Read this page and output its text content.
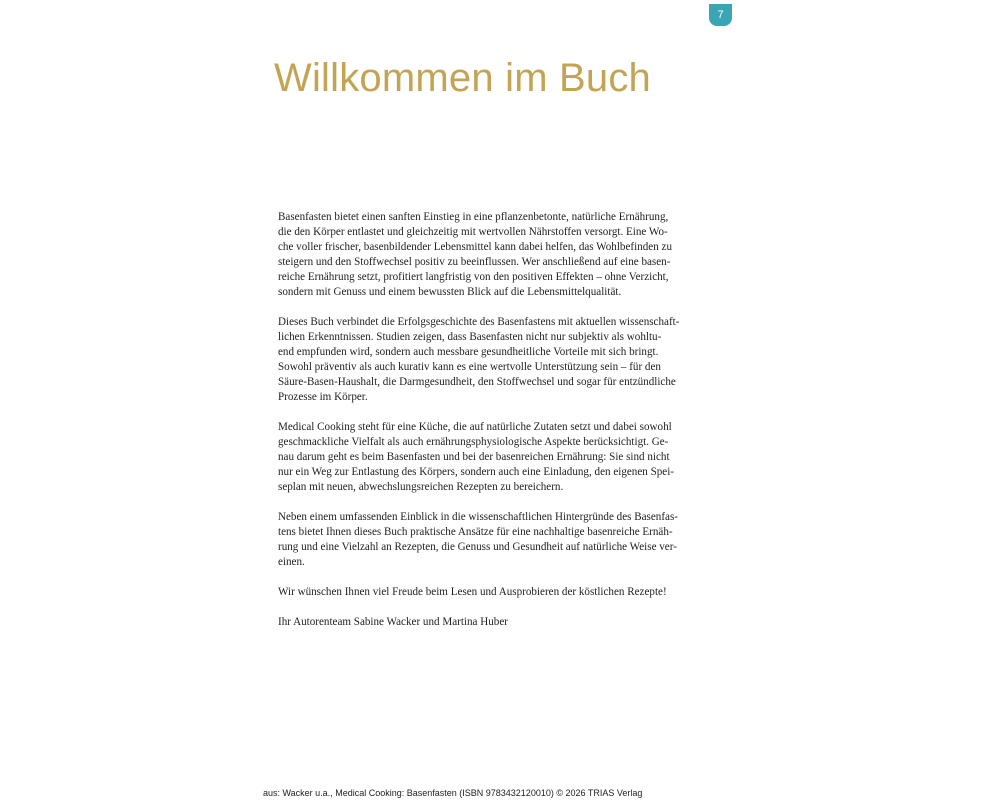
7
Willkommen im Buch

Basenfasten bietet einen sanften Einstieg in eine pflanzenbetonte, natürliche Ernährung,
die den Körper entlastet und gleichzeitig mit wertvollen Nährstoffen versorgt. Eine Wo-
che voller frischer, basenbildender Lebensmittel kann dabei helfen, das Wohlbefinden zu
steigern und den Stoffwechsel positiv zu beeinflussen. Wer anschließend auf eine basen-
reiche Ernährung setzt, profitiert langfristig von den positiven Effekten – ohne Verzicht,
sondern mit Genuss und einem bewussten Blick auf die Lebensmittelqualität.

Dieses Buch verbindet die Erfolgsgeschichte des Basenfastens mit aktuellen wissenschaft-
lichen Erkenntnissen. Studien zeigen, dass Basenfasten nicht nur subjektiv als wohltu-
end empfunden wird, sondern auch messbare gesundheitliche Vorteile mit sich bringt.
Sowohl präventiv als auch kurativ kann es eine wertvolle Unterstützung sein – für den
Säure-Basen-Haushalt, die Darmgesundheit, den Stoffwechsel und sogar für entzündliche
Prozesse im Körper.

Medical Cooking steht für eine Küche, die auf natürliche Zutaten setzt und dabei sowohl
geschmackliche Vielfalt als auch ernährungsphysiologische Aspekte berücksichtigt. Ge-
nau darum geht es beim Basenfasten und bei der basenreichen Ernährung: Sie sind nicht
nur ein Weg zur Entlastung des Körpers, sondern auch eine Einladung, den eigenen Spei-
seplan mit neuen, abwechslungsreichen Rezepten zu bereichern.

Neben einem umfassenden Einblick in die wissenschaftlichen Hintergründe des Basenfas-
tens bietet Ihnen dieses Buch praktische Ansätze für eine nachhaltige basenreiche Ernäh-
rung und eine Vielzahl an Rezepten, die Genuss und Gesundheit auf natürliche Weise ver-
einen.

Wir wünschen Ihnen viel Freude beim Lesen und Ausprobieren der köstlichen Rezepte!

Ihr Autorenteam Sabine Wacker und Martina Huber

aus: Wacker u.a., Medical Cooking: Basenfasten (ISBN 9783432120010) © 2026 TRIAS Verlag
